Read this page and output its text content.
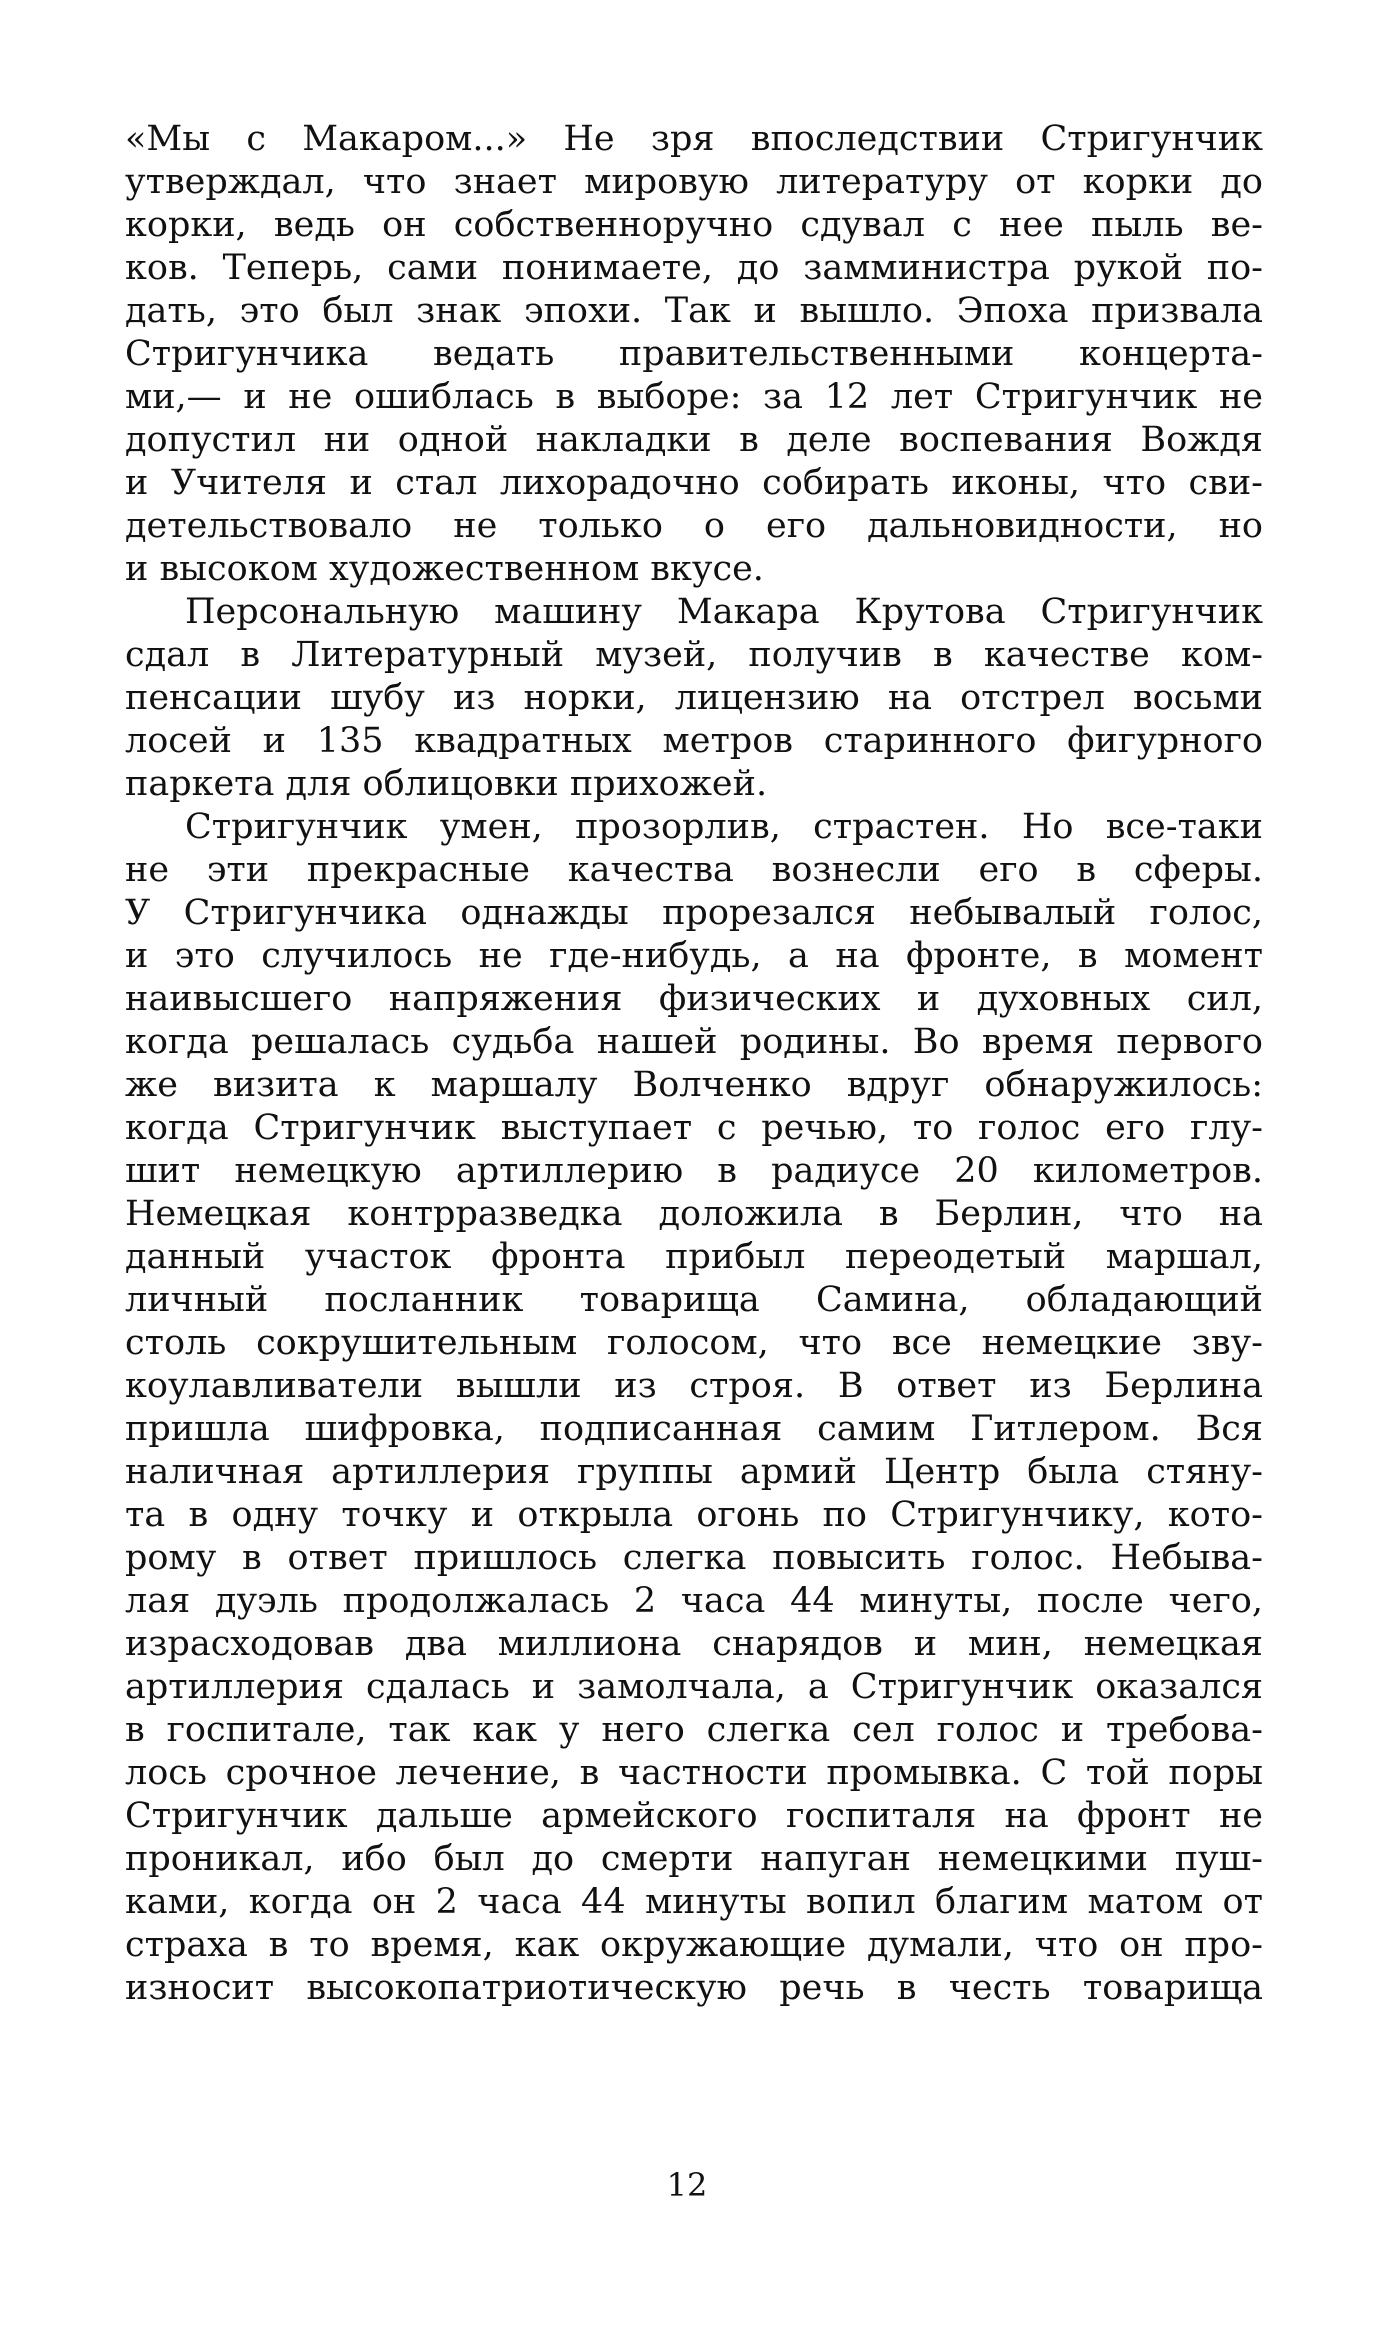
«Мы с Макаром...» Не зря впоследствии Стригунчик
утверждал, что знает мировую литературу от корки до
корки, ведь он собственноручно сдувал с нее пыль ве-
ков. Теперь, сами понимаете, до замминистра рукой по-
дать, это был знак эпохи. Так и вышло. Эпоха призвала
Стригунчика ведать правительственными концерта-
ми,— и не ошиблась в выборе: за 12 лет Стригунчик не
допустил ни одной накладки в деле воспевания Вождя
и Учителя и стал лихорадочно собирать иконы, что сви-
детельствовало не только о его дальновидности, но
и высоком художественном вкусе.
Персональную машину Макара Крутова Стригунчик
сдал в Литературный музей, получив в качестве ком-
пенсации шубу из норки, лицензию на отстрел восьми
лосей и 135 квадратных метров старинного фигурного
паркета для облицовки прихожей.
Стригунчик умен, прозорлив, страстен. Но все-таки
не эти прекрасные качества вознесли его в сферы.
У Стригунчика однажды прорезался небывалый голос,
и это случилось не где-нибудь, а на фронте, в момент
наивысшего напряжения физических и духовных сил,
когда решалась судьба нашей родины. Во время первого
же визита к маршалу Волченко вдруг обнаружилось:
когда Стригунчик выступает с речью, то голос его глу-
шит немецкую артиллерию в радиусе 20 километров.
Немецкая контрразведка доложила в Берлин, что на
данный участок фронта прибыл переодетый маршал,
личный посланник товарища Самина, обладающий
столь сокрушительным голосом, что все немецкие зву-
коулавливатели вышли из строя. В ответ из Берлина
пришла шифровка, подписанная самим Гитлером. Вся
наличная артиллерия группы армий Центр была стяну-
та в одну точку и открыла огонь по Стригунчику, кото-
рому в ответ пришлось слегка повысить голос. Небыва-
лая дуэль продолжалась 2 часа 44 минуты, после чего,
израсходовав два миллиона снарядов и мин, немецкая
артиллерия сдалась и замолчала, а Стригунчик оказался
в госпитале, так как у него слегка сел голос и требова-
лось срочное лечение, в частности промывка. С той поры
Стригунчик дальше армейского госпиталя на фронт не
проникал, ибо был до смерти напуган немецкими пуш-
ками, когда он 2 часа 44 минуты вопил благим матом от
страха в то время, как окружающие думали, что он про-
износит высокопатриотическую речь в честь товарища
12
